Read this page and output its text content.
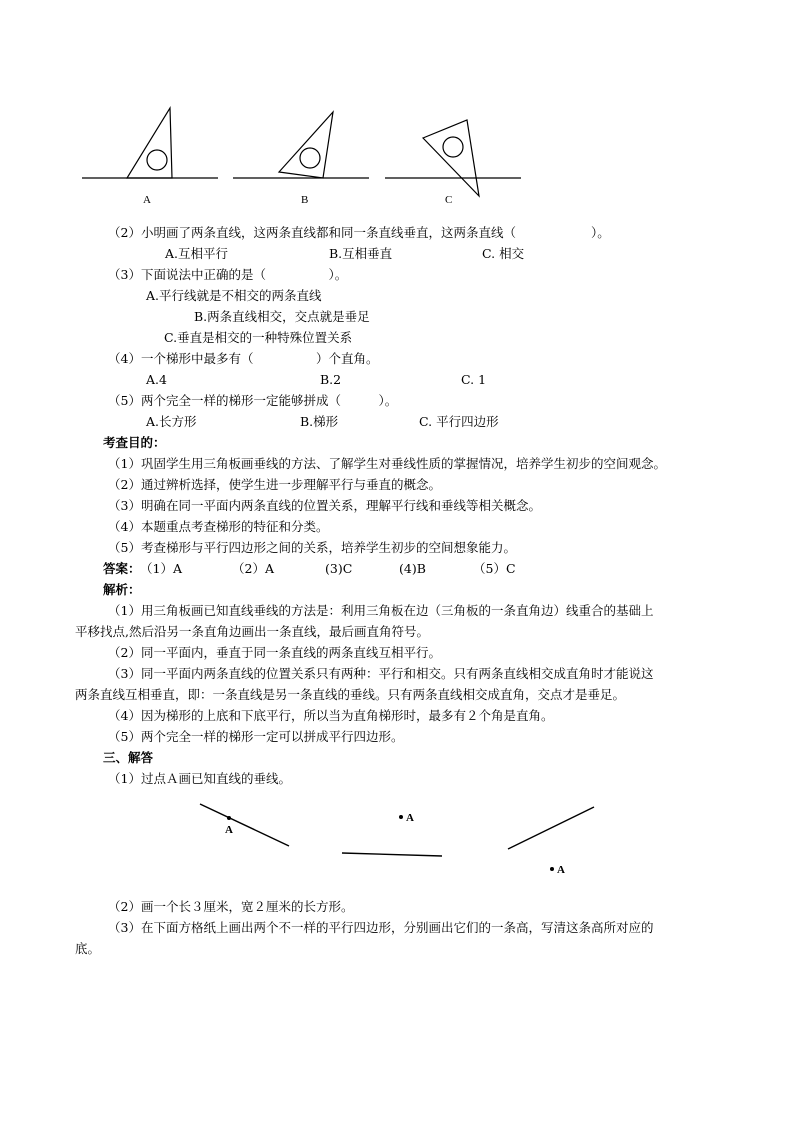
A	B	C
（2）小明画了两条直线，这两条直线都和同一条直线垂直，这两条直线（　　　　　　）。
A.互相平行	B.互相垂直	C. 相交
（3）下面说法中正确的是（　　　　　）。
A.平行线就是不相交的两条直线
B.两条直线相交，交点就是垂足
C.垂直是相交的一种特殊位置关系
（4）一个梯形中最多有（　　　　　）个直角。
A.4	B.2	C. 1
（5）两个完全一样的梯形一定能够拼成（　　　）。
A.长方形	B.梯形	C. 平行四边形
考查目的：
（1）巩固学生用三角板画垂线的方法、了解学生对垂线性质的掌握情况，培养学生初步的空间观念。
（2）通过辨析选择，使学生进一步理解平行与垂直的概念。
（3）明确在同一平面内两条直线的位置关系，理解平行线和垂线等相关概念。
（4）本题重点考查梯形的特征和分类。
（5）考查梯形与平行四边形之间的关系，培养学生初步的空间想象能力。
答案： （1）A	（2）A	(3)C	(4)B	（5）C
解析：
（1）用三角板画已知直线垂线的方法是：利用三角板在边（三角板的一条直角边）线重合的基础上
平移找点,然后沿另一条直角边画出一条直线，最后画直角符号。
（2）同一平面内，垂直于同一条直线的两条直线互相平行。
（3）同一平面内两条直线的位置关系只有两种：平行和相交。只有两条直线相交成直角时才能说这
两条直线互相垂直，即：一条直线是另一条直线的垂线。只有两条直线相交成直角，交点才是垂足。
（4）因为梯形的上底和下底平行，所以当为直角梯形时，最多有２个角是直角。
（5）两个完全一样的梯形一定可以拼成平行四边形。
三、解答
（1）过点Ａ画已知直线的垂线。
A
A
A
（2）画一个长３厘米，宽２厘米的长方形。
（3）在下面方格纸上画出两个不一样的平行四边形，分别画出它们的一条高，写清这条高所对应的
底。
